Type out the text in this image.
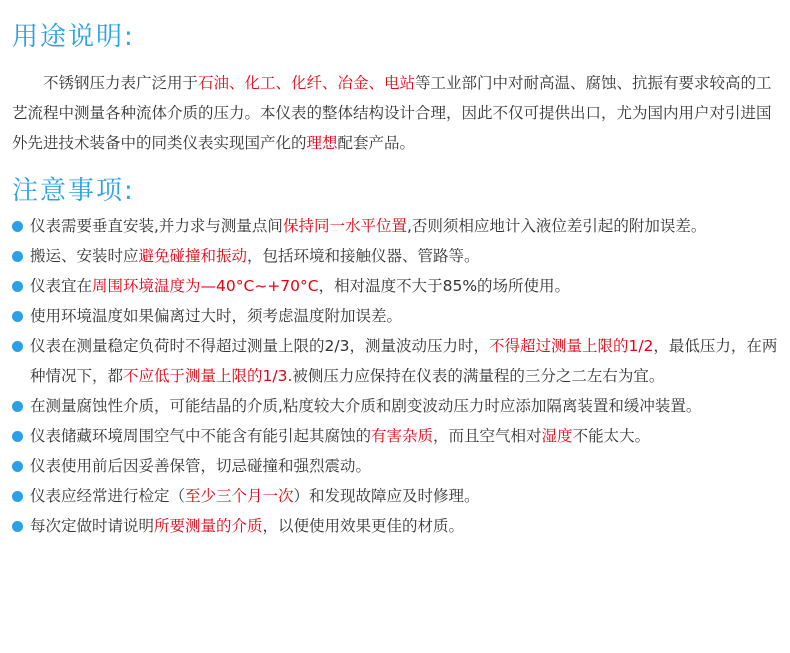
用途说明:

不锈钢压力表广泛用于石油、化工、化纤、冶金、电站等工业部门中对耐高温、腐蚀、抗振有要求较高的工艺流程中测量各种流体介质的压力。本仪表的整体结构设计合理，因此不仅可提供出口，尤为国内用户对引进国外先进技术装备中的同类仪表实现国产化的理想配套产品。

注意事项:
仪表需要垂直安装,并力求与测量点间保持同一水平位置,否则须相应地计入液位差引起的附加误差。
搬运、安装时应避免碰撞和振动，包括环境和接触仪器、管路等。
仪表宜在周围环境温度为—40°C~+70°C，相对温度不大于85%的场所使用。
使用环境温度如果偏离过大时，须考虑温度附加误差。
仪表在测量稳定负荷时不得超过测量上限的2/3，测量波动压力时，不得超过测量上限的1/2，最低压力，在两种情况下，都不应低于测量上限的1/3.被侧压力应保持在仪表的满量程的三分之二左右为宜。
在测量腐蚀性介质，可能结晶的介质,粘度较大介质和剧变波动压力时应添加隔离装置和缓冲装置。
仪表储藏环境周围空气中不能含有能引起其腐蚀的有害杂质，而且空气相对湿度不能太大。
仪表使用前后因妥善保管，切忌碰撞和强烈震动。
仪表应经常进行检定（至少三个月一次）和发现故障应及时修理。
每次定做时请说明所要测量的介质，以便使用效果更佳的材质。
